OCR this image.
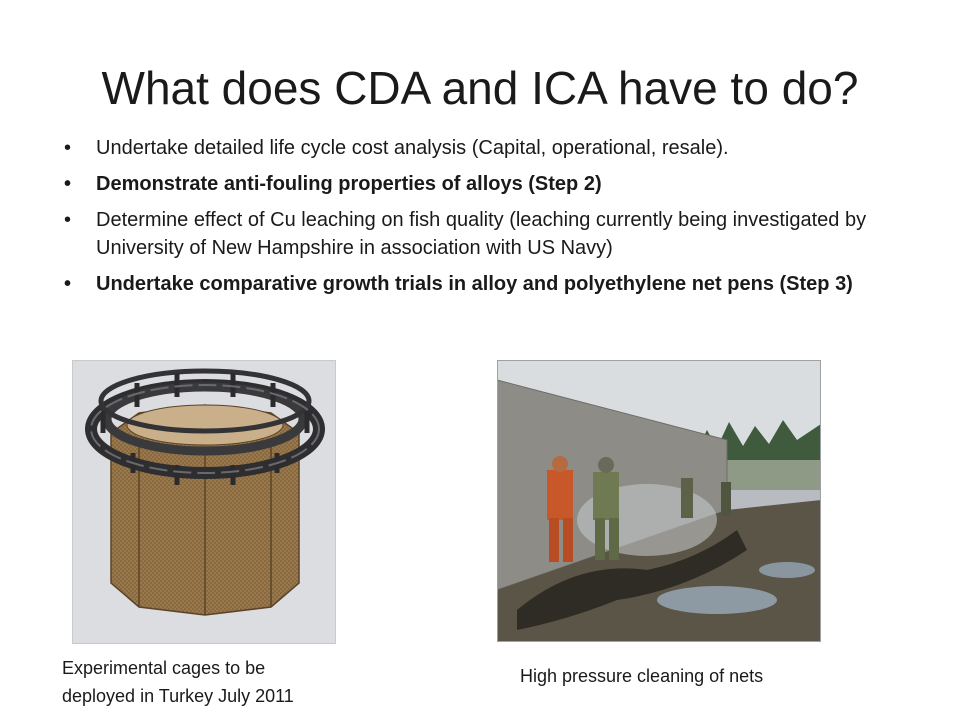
What does CDA and ICA have to do?
• Undertake detailed life cycle cost analysis (Capital, operational, resale).
• Demonstrate anti-fouling properties of alloys (Step 2)
• Determine effect of Cu leaching on fish quality (leaching currently being investigated by University of New Hampshire in association with US Navy)
• Undertake comparative growth trials in alloy and polyethylene net pens (Step 3)
Experimental cages to be
deployed in Turkey July 2011
High pressure cleaning of nets
